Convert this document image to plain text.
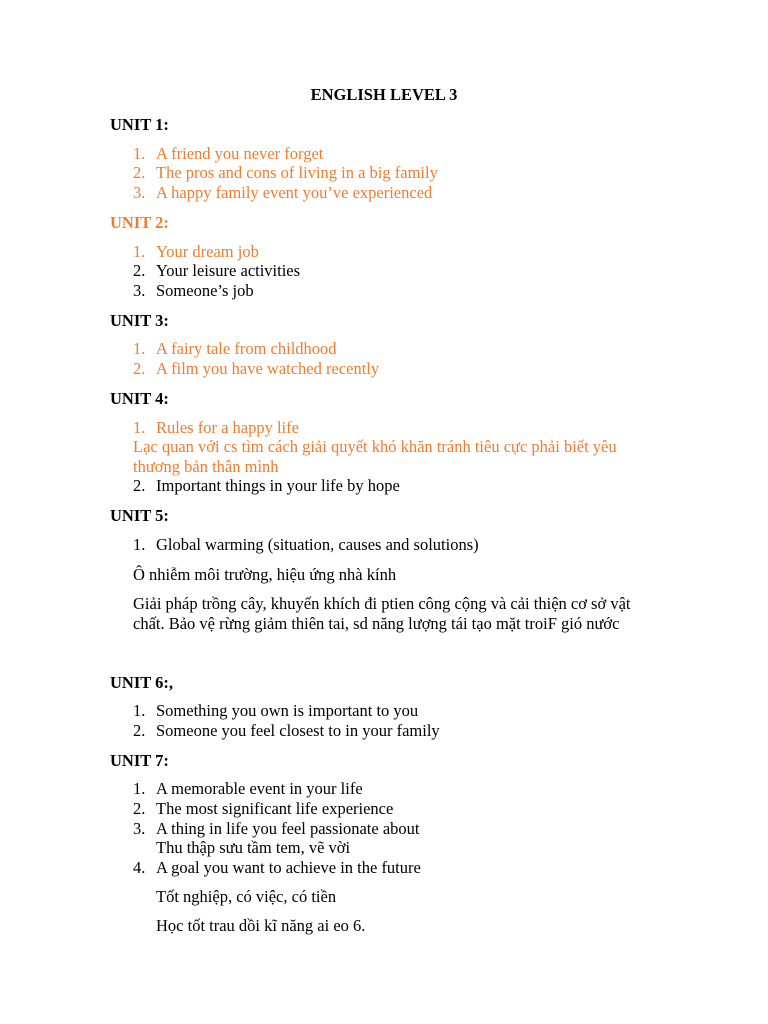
ENGLISH LEVEL 3
UNIT 1:
1. A friend you never forget
2. The pros and cons of living in a big family
3. A happy family event you’ve experienced
UNIT 2:
1. Your dream job
2. Your leisure activities
3. Someone’s job
UNIT 3:
1. A fairy tale from childhood
2. A film you have watched recently
UNIT 4:
1. Rules for a happy life
Lạc quan với cs tìm cách giải quyết khó khăn tránh tiêu cực phải biết yêu
thương bản thân mình
2. Important things in your life by hope
UNIT 5:
1. Global warming (situation, causes and solutions)
Ô nhiễm môi trường, hiệu ứng nhà kính
Giải pháp trồng cây, khuyến khích đi ptien công cộng và cải thiện cơ sở vật
chất. Bảo vệ rừng giảm thiên tai, sd năng lượng tái tạo mặt troiF gió nước
UNIT 6:,
1. Something you own is important to you
2. Someone you feel closest to in your family
UNIT 7:
1. A memorable event in your life
2. The most significant life experience
3. A thing in life you feel passionate about
Thu thập sưu tầm tem, vẽ vời
4. A goal you want to achieve in the future
Tốt nghiệp, có việc, có tiền
Học tốt trau dồi kĩ năng ai eo 6.
